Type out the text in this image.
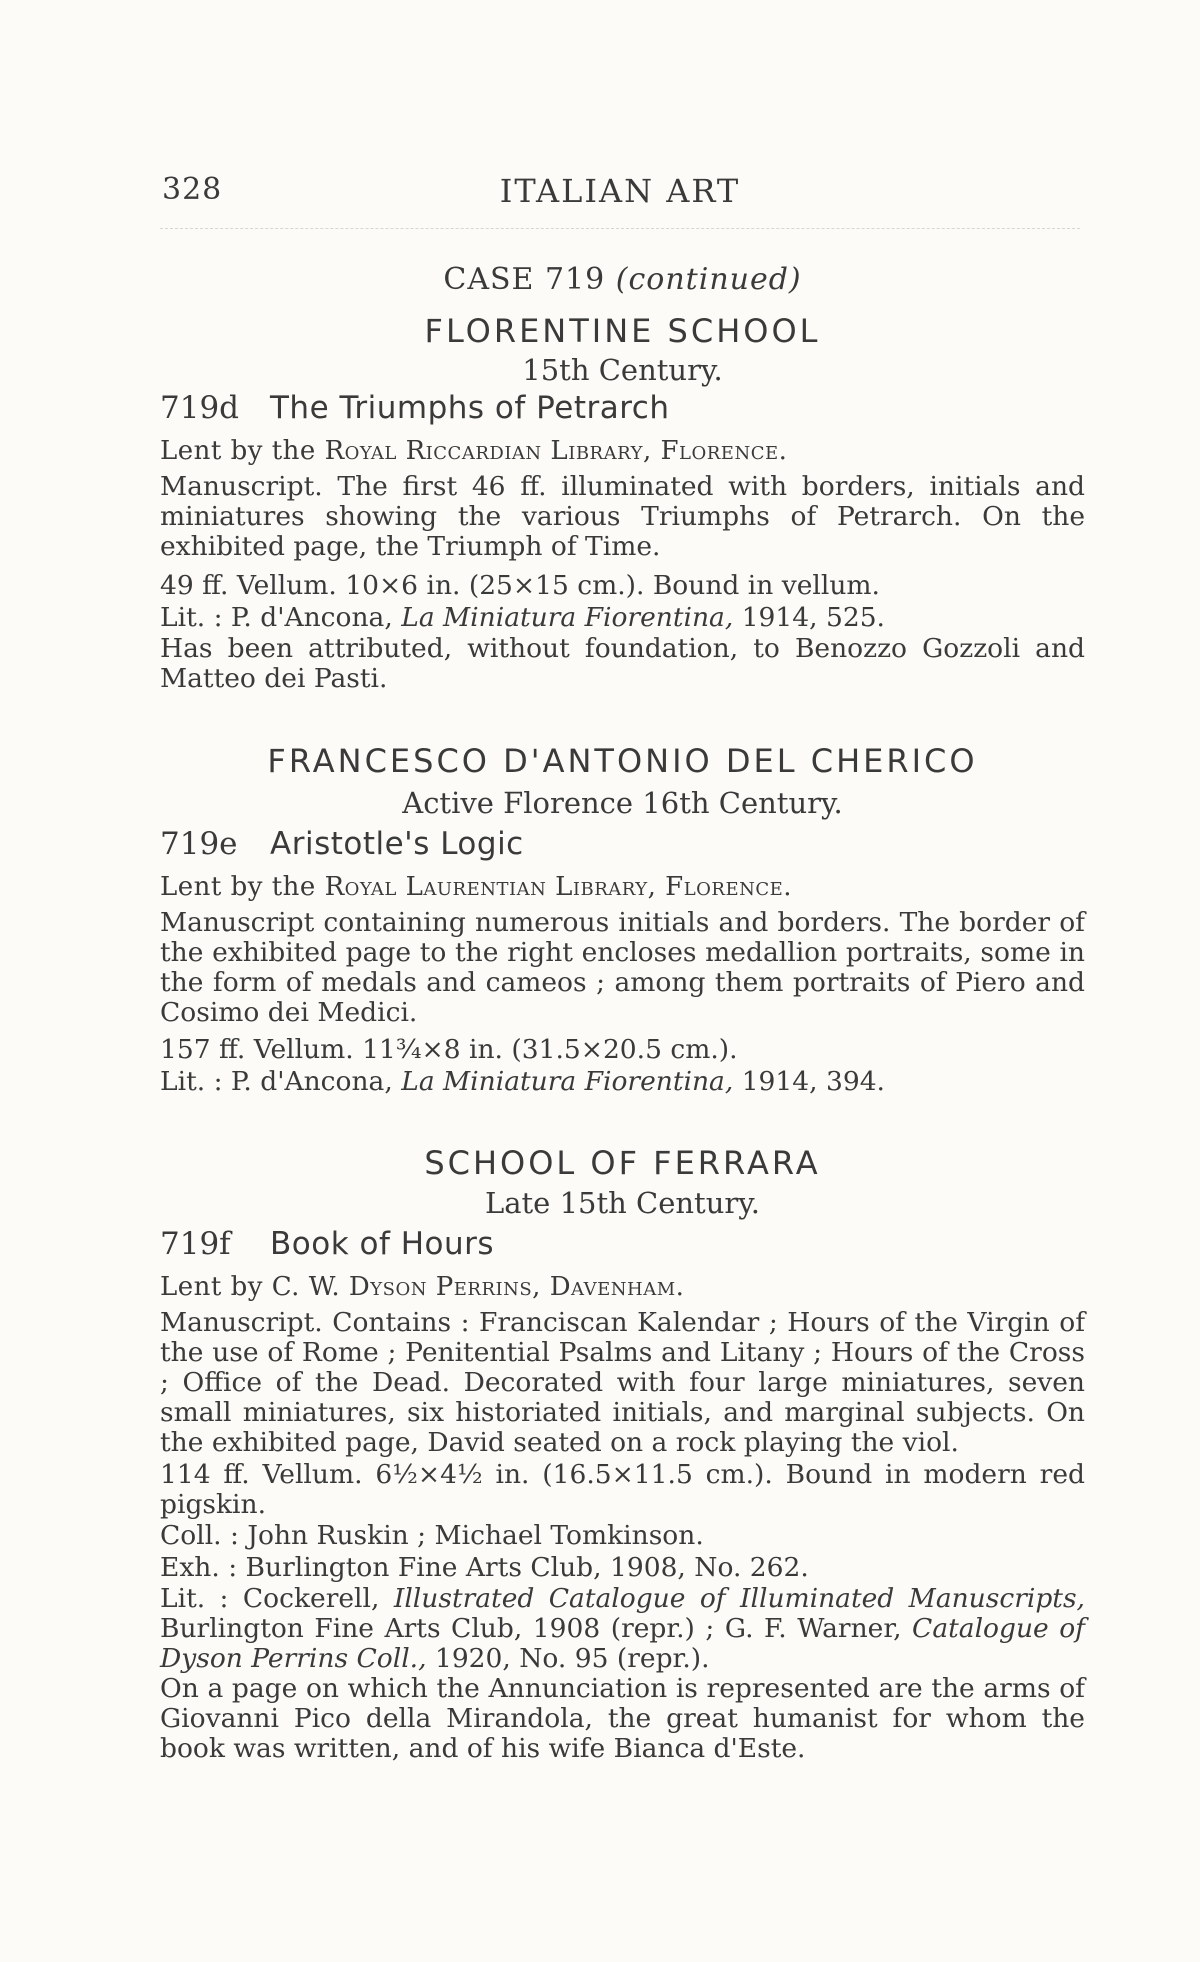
328	ITALIAN ART
CASE 719 (continued)
FLORENTINE SCHOOL
15th Century.
719d The Triumphs of Petrarch
Lent by the Royal Riccardian Library, Florence.
Manuscript. The first 46 ff. illuminated with borders, initials and miniatures showing the various Triumphs of Petrarch. On the exhibited page, the Triumph of Time.
49 ff. Vellum. 10×6 in. (25×15 cm.). Bound in vellum.
Lit. : P. d'Ancona, La Miniatura Fiorentina, 1914, 525.
Has been attributed, without foundation, to Benozzo Gozzoli and Matteo dei Pasti.
FRANCESCO D'ANTONIO DEL CHERICO
Active Florence 16th Century.
719e Aristotle's Logic
Lent by the Royal Laurentian Library, Florence.
Manuscript containing numerous initials and borders. The border of the exhibited page to the right encloses medallion portraits, some in the form of medals and cameos ; among them portraits of Piero and Cosimo dei Medici.
157 ff. Vellum. 11¾×8 in. (31.5×20.5 cm.).
Lit. : P. d'Ancona, La Miniatura Fiorentina, 1914, 394.
SCHOOL OF FERRARA
Late 15th Century.
719f Book of Hours
Lent by C. W. Dyson Perrins, Davenham.
Manuscript. Contains : Franciscan Kalendar ; Hours of the Virgin of the use of Rome ; Penitential Psalms and Litany ; Hours of the Cross ; Office of the Dead. Decorated with four large miniatures, seven small miniatures, six historiated initials, and marginal subjects. On the exhibited page, David seated on a rock playing the viol.
114 ff. Vellum. 6½×4½ in. (16.5×11.5 cm.). Bound in modern red pigskin.
Coll. : John Ruskin ; Michael Tomkinson.
Exh. : Burlington Fine Arts Club, 1908, No. 262.
Lit. : Cockerell, Illustrated Catalogue of Illuminated Manuscripts, Burlington Fine Arts Club, 1908 (repr.) ; G. F. Warner, Catalogue of Dyson Perrins Coll., 1920, No. 95 (repr.).
On a page on which the Annunciation is represented are the arms of Giovanni Pico della Mirandola, the great humanist for whom the book was written, and of his wife Bianca d'Este.
